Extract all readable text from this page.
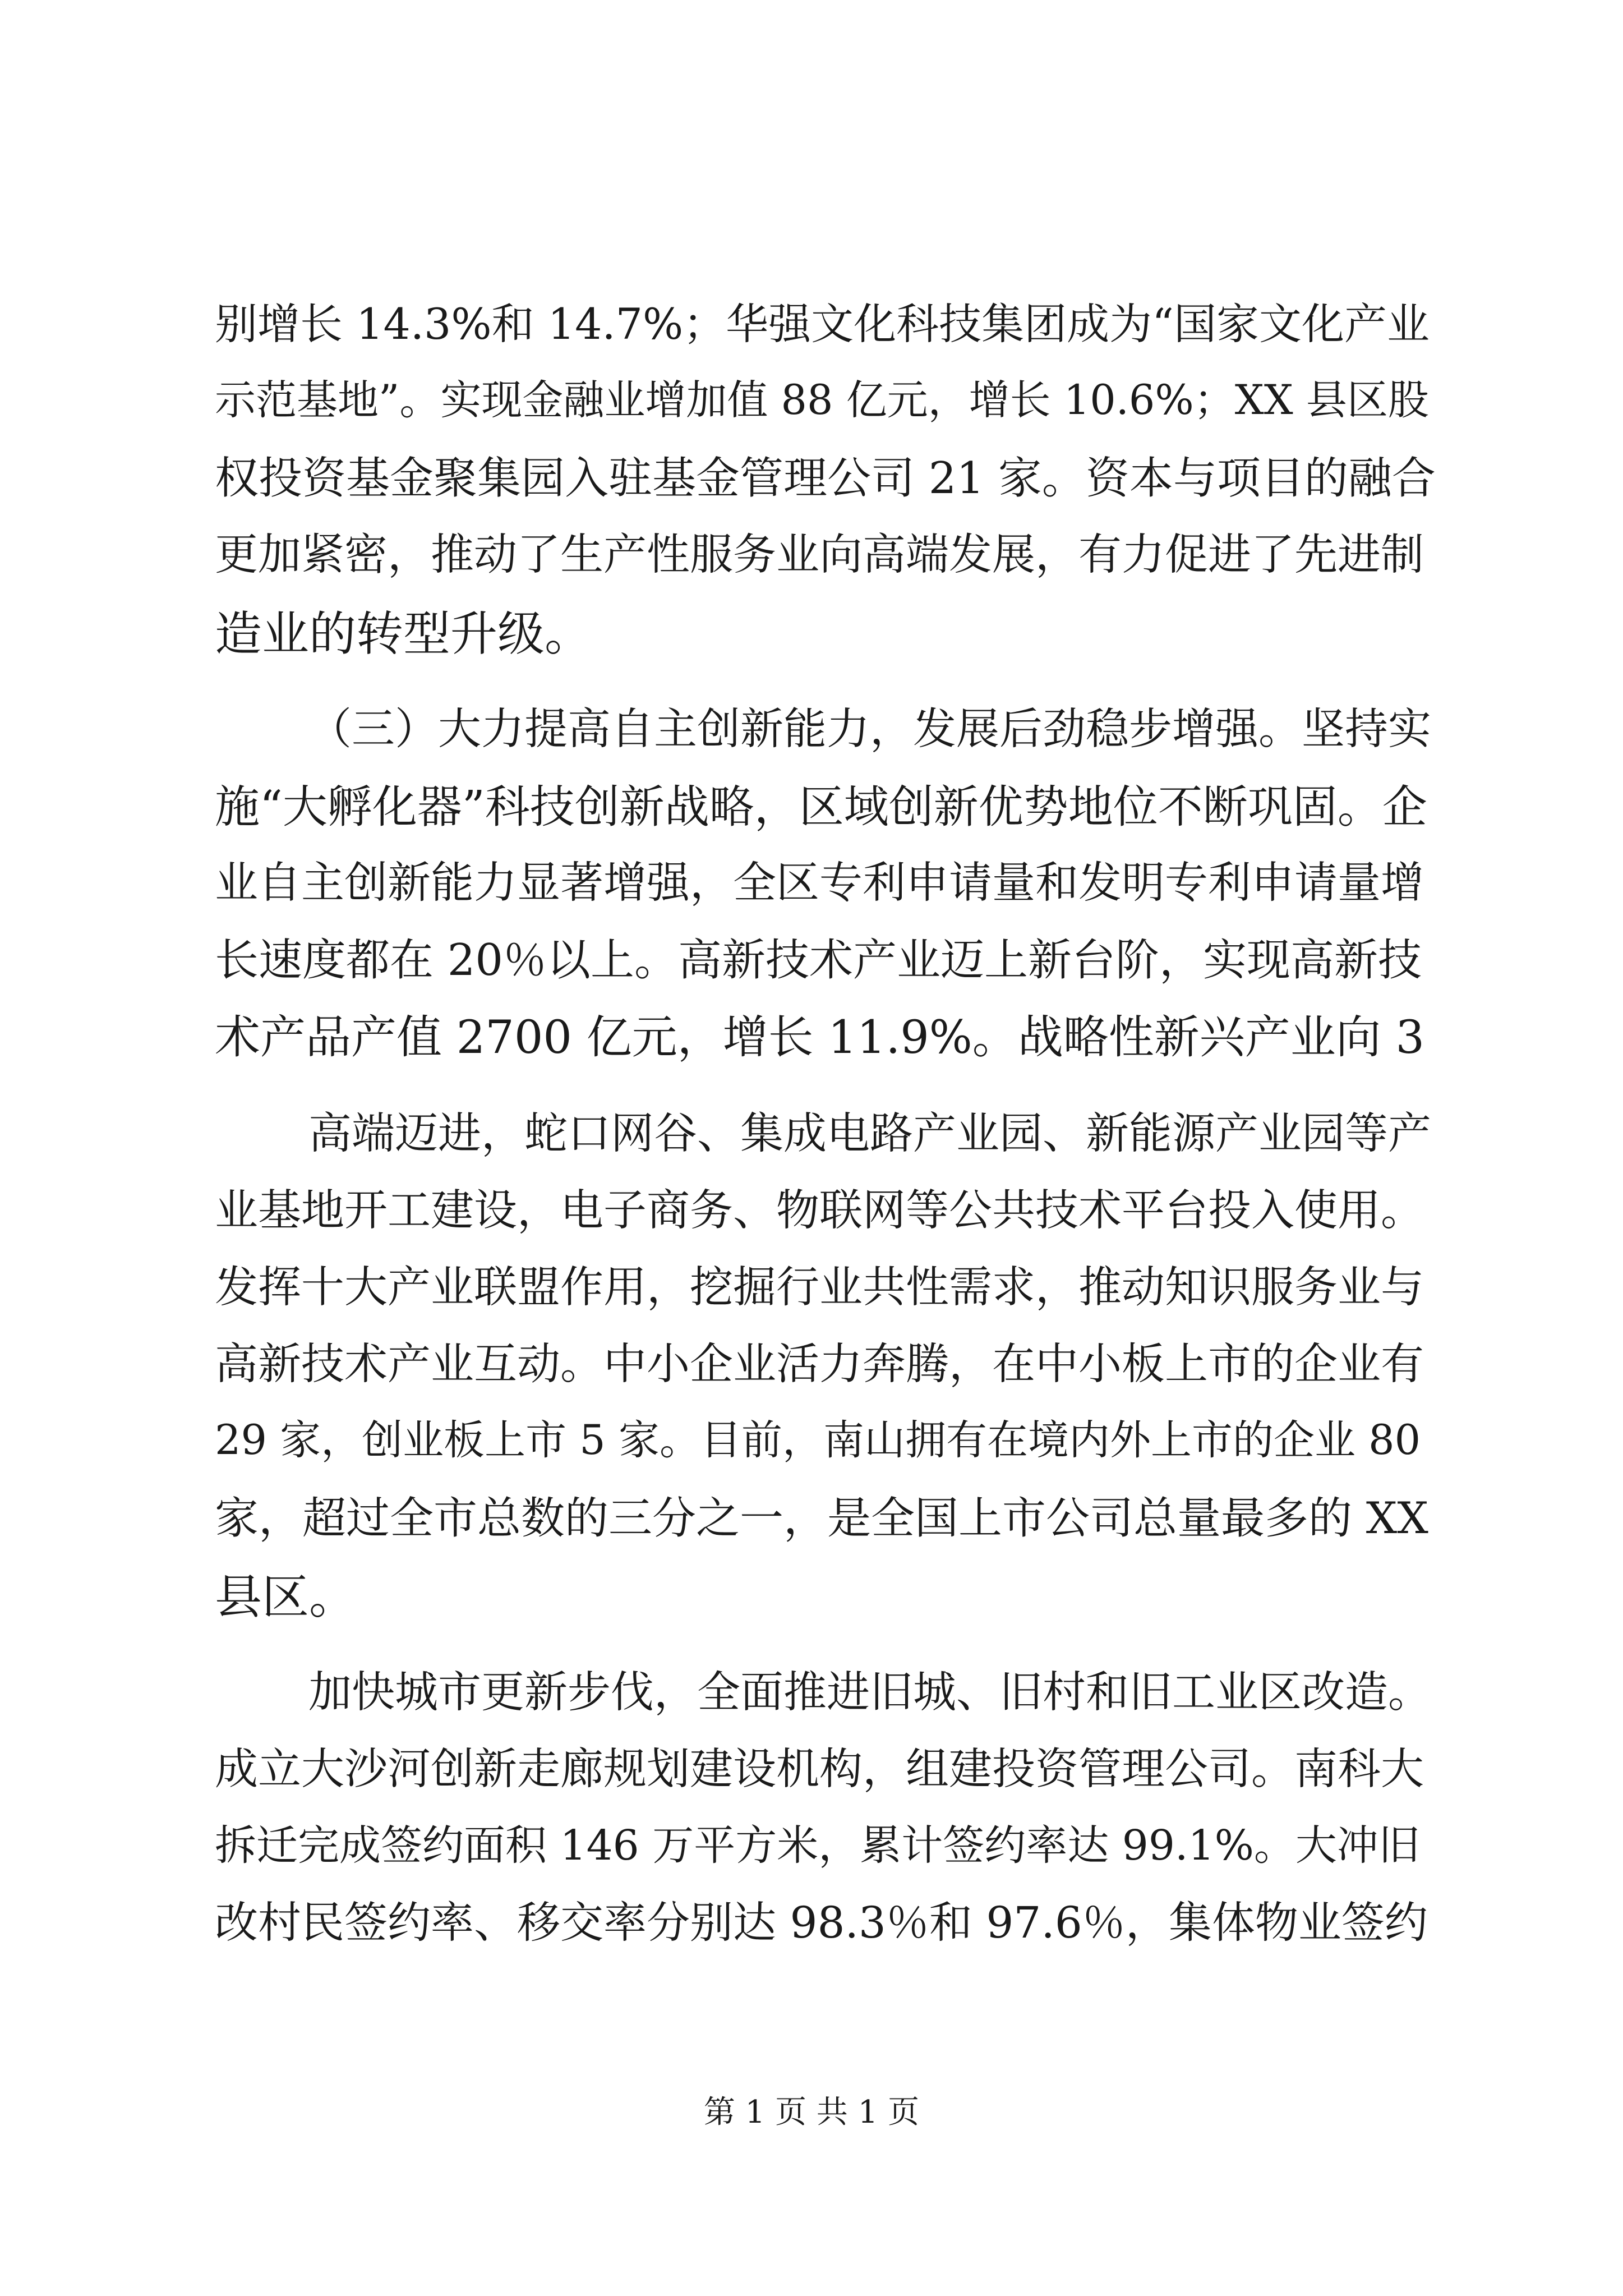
别增长 14.3%和 14.7%；华强文化科技集团成为“国家文化产业
示范基地”。实现金融业增加值 88 亿元，增长 10.6%；XX 县区股
权投资基金聚集园入驻基金管理公司 21 家。资本与项目的融合
更加紧密，推动了生产性服务业向高端发展，有力促进了先进制
造业的转型升级。
（三）大力提高自主创新能力，发展后劲稳步增强。坚持实
施“大孵化器”科技创新战略，区域创新优势地位不断巩固。企
业自主创新能力显著增强，全区专利申请量和发明专利申请量增
长速度都在 20％以上。高新技术产业迈上新台阶，实现高新技
术产品产值 2700 亿元，增长 11.9%。战略性新兴产业向 3
高端迈进，蛇口网谷、集成电路产业园、新能源产业园等产
业基地开工建设，电子商务、物联网等公共技术平台投入使用。
发挥十大产业联盟作用，挖掘行业共性需求，推动知识服务业与
高新技术产业互动。中小企业活力奔腾，在中小板上市的企业有
29 家，创业板上市 5 家。目前，南山拥有在境内外上市的企业 80
家，超过全市总数的三分之一，是全国上市公司总量最多的 XX
县区。
加快城市更新步伐，全面推进旧城、旧村和旧工业区改造。
成立大沙河创新走廊规划建设机构，组建投资管理公司。南科大
拆迁完成签约面积 146 万平方米，累计签约率达 99.1%。大冲旧
改村民签约率、移交率分别达 98.3％和 97.6％，集体物业签约
第 1 页 共 1 页
